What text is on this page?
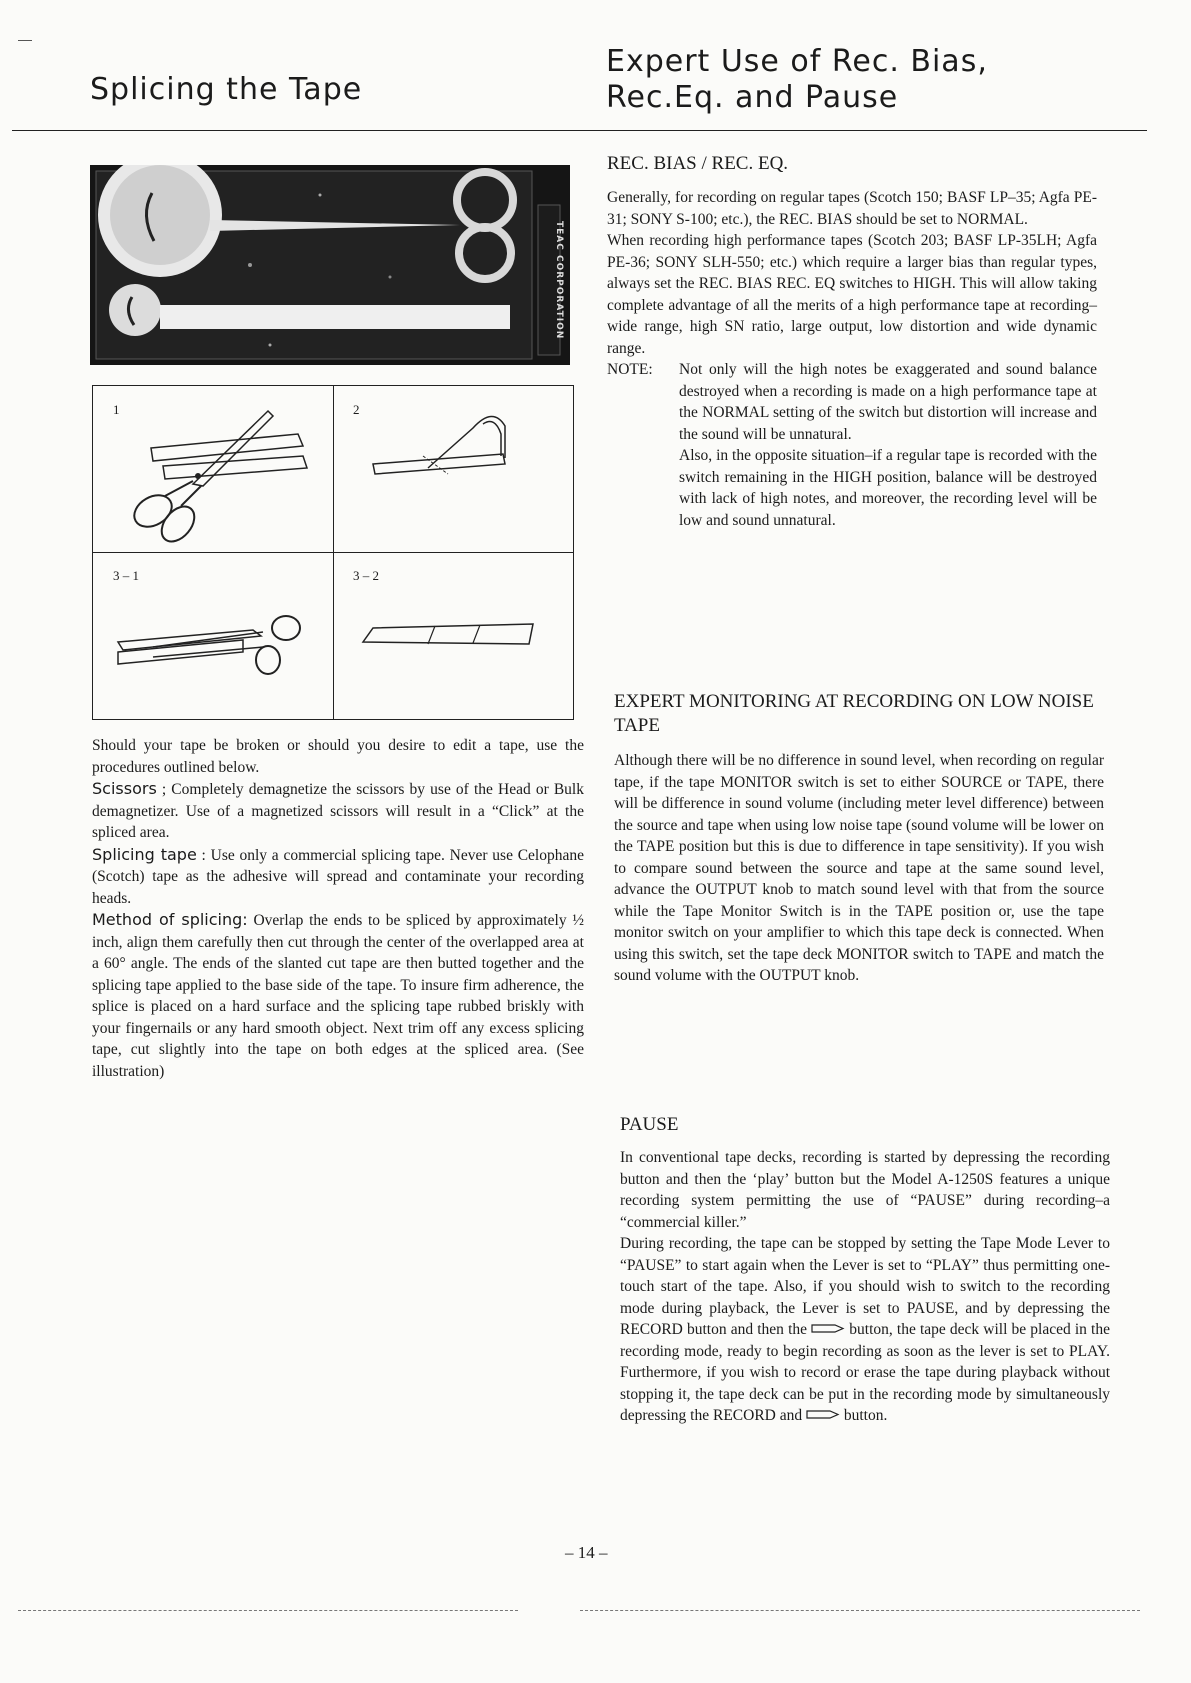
Splicing the Tape
Expert Use of Rec. Bias,
Rec.Eq. and Pause
TEAC CORPORATION
1	2
3 – 1	3 – 2

Should your tape be broken or should you desire to edit a tape, use the procedures outlined below.

Scissors ; Completely demagnetize the scissors by use of the Head or Bulk demagnetizer. Use of a magnetized scissors will result in a “Click” at the spliced area.

Splicing tape : Use only a commercial splicing tape. Never use Celophane (Scotch) tape as the adhesive will spread and contaminate your recording heads.

Method of splicing: Overlap the ends to be spliced by approximately ½ inch, align them carefully then cut through the center of the overlapped area at a 60° angle. The ends of the slanted cut tape are then butted together and the splicing tape applied to the base side of the tape. To insure firm adherence, the splice is placed on a hard surface and the splicing tape rubbed briskly with your fingernails or any hard smooth object. Next trim off any excess splicing tape, cut slightly into the tape on both edges at the spliced area. (See illustration)

REC. BIAS / REC. EQ.

Generally, for recording on regular tapes (Scotch 150; BASF LP–35; Agfa PE-31; SONY S-100; etc.), the REC. BIAS should be set to NORMAL.

When recording high performance tapes (Scotch 203; BASF LP-35LH; Agfa PE-36; SONY SLH-550; etc.) which require a larger bias than regular types, always set the REC. BIAS REC. EQ switches to HIGH. This will allow taking complete advantage of all the merits of a high performance tape at recording–wide range, high SN ratio, large output, low distortion and wide dynamic range.

NOTE:	Not only will the high notes be exaggerated and sound balance destroyed when a recording is made on a high performance tape at the NORMAL setting of the switch but distortion will increase and the sound will be unnatural.

Also, in the opposite situation–if a regular tape is recorded with the switch remaining in the HIGH position, balance will be destroyed with lack of high notes, and moreover, the recording level will be low and sound unnatural.

EXPERT MONITORING AT RECORDING ON LOW NOISE TAPE

Although there will be no difference in sound level, when recording on regular tape, if the tape MONITOR switch is set to either SOURCE or TAPE, there will be difference in sound volume (including meter level difference) between the source and tape when using low noise tape (sound volume will be lower on the TAPE position but this is due to difference in tape sensitivity). If you wish to compare sound between the source and tape at the same sound level, advance the OUTPUT knob to match sound level with that from the source while the Tape Monitor Switch is in the TAPE position or, use the tape monitor switch on your amplifier to which this tape deck is connected. When using this switch, set the tape deck MONITOR switch to TAPE and match the sound volume with the OUTPUT knob.

PAUSE

In conventional tape decks, recording is started by depressing the recording button and then the ‘play’ button but the Model A-1250S features a unique recording system permitting the use of “PAUSE” during recording–a “commercial killer.”

During recording, the tape can be stopped by setting the Tape Mode Lever to “PAUSE” to start again when the Lever is set to “PLAY” thus permitting one-touch start of the tape. Also, if you should wish to switch to the recording mode during playback, the Lever is set to PAUSE, and by depressing the RECORD button and then the  button, the tape deck will be placed in the recording mode, ready to begin recording as soon as the lever is set to PLAY. Furthermore, if you wish to record or erase the tape during playback without stopping it, the tape deck can be put in the recording mode by simultaneously depressing the RECORD and  button.

– 14 –
